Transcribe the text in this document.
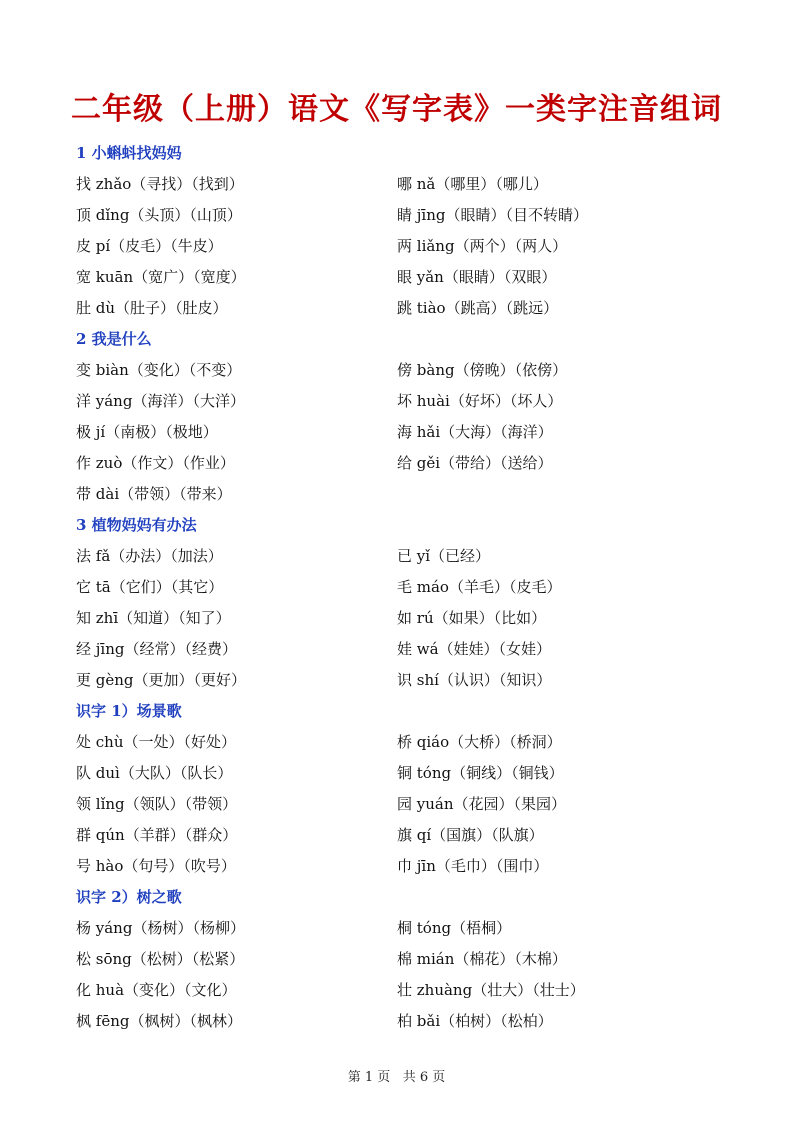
二年级（上册）语文《写字表》一类字注音组词
1 小蝌蚪找妈妈
找 zhǎo（寻找）（找到）	哪 nǎ（哪里）（哪儿）
顶 dǐng（头顶）（山顶）	睛 jīng（眼睛）（目不转睛）
皮 pí（皮毛）（牛皮）	两 liǎng（两个）（两人）
宽 kuān（宽广）（宽度）	眼 yǎn（眼睛）（双眼）
肚 dù（肚子）（肚皮）	跳 tiào（跳高）（跳远）
2 我是什么
变 biàn（变化）（不变）	傍 bàng（傍晚）（依傍）
洋 yáng（海洋）（大洋）	坏 huài（好坏）（坏人）
极 jí（南极）（极地）	海 hǎi（大海）（海洋）
作 zuò（作文）（作业）	给 gěi（带给）（送给）
带 dài（带领）（带来）
3 植物妈妈有办法
法 fǎ（办法）（加法）	已 yǐ（已经）
它 tā（它们）（其它）	毛 máo（羊毛）（皮毛）
知 zhī（知道）（知了）	如 rú（如果）（比如）
经 jīng（经常）（经费）	娃 wá（娃娃）（女娃）
更 gèng（更加）（更好）	识 shí（认识）（知识）
识字 1）场景歌
处 chù（一处）（好处）	桥 qiáo（大桥）（桥洞）
队 duì（大队）（队长）	铜 tóng（铜线）（铜钱）
领 lǐng（领队）（带领）	园 yuán（花园）（果园）
群 qún（羊群）（群众）	旗 qí（国旗）（队旗）
号 hào（句号）（吹号）	巾 jīn（毛巾）（围巾）
识字 2）树之歌
杨 yáng（杨树）（杨柳）	桐 tóng（梧桐）
松 sōng（松树）（松紧）	棉 mián（棉花）（木棉）
化 huà（变化）（文化）	壮 zhuàng（壮大）（壮士）
枫 fēng（枫树）（枫林）	柏 bǎi（柏树）（松柏）
第 1 页   共 6 页
